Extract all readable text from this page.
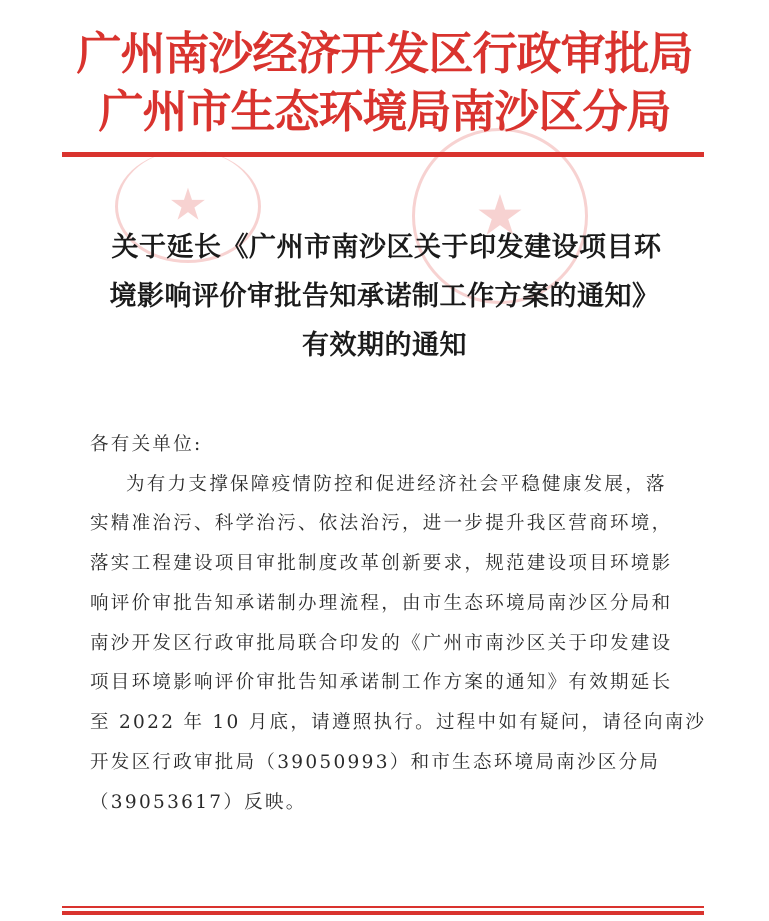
广州南沙经济开发区行政审批局
广州市生态环境局南沙区分局
★	★
关于延长《广州市南沙区关于印发建设项目环
境影响评价审批告知承诺制工作方案的通知》
有效期的通知
各有关单位:
为有力支撑保障疫情防控和促进经济社会平稳健康发展，落
实精准治污、科学治污、依法治污，进一步提升我区营商环境，
落实工程建设项目审批制度改革创新要求，规范建设项目环境影
响评价审批告知承诺制办理流程，由市生态环境局南沙区分局和
南沙开发区行政审批局联合印发的《广州市南沙区关于印发建设
项目环境影响评价审批告知承诺制工作方案的通知》有效期延长
至 2022 年 10 月底，请遵照执行。过程中如有疑问，请径向南沙
开发区行政审批局（39050993）和市生态环境局南沙区分局
（39053617）反映。
